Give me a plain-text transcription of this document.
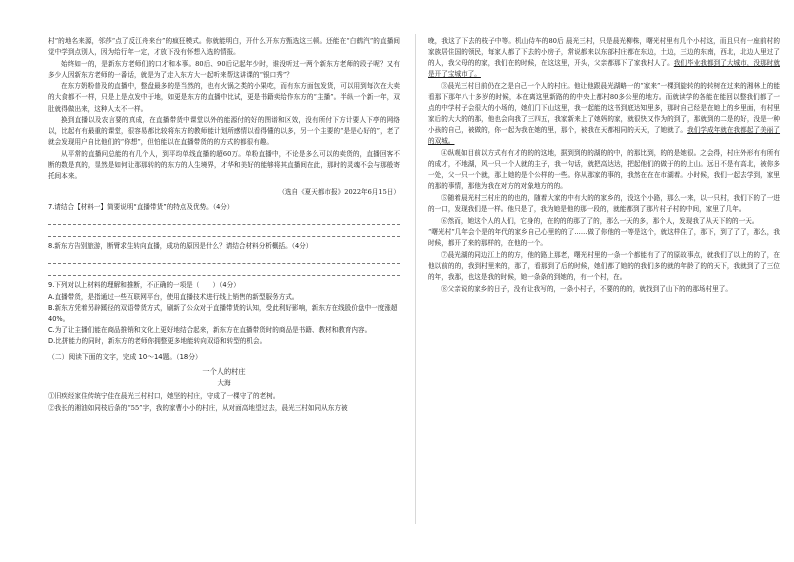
村”的地名来源，邻莎“点了反江舟来台”的疯狂模式。你就能明白，开什么开东方甄选这三顿。还能在“白鹤汽”的直播间觉中学到点别人，因为给行年一定，才放下没有怀想入选的情报。

始终如一的，是新东方老师们的口才和本事。80后、90后记起年少时，谁没听过一两个新东方老师的段子呢？又有多少人因新东方老师的一番话，就是为了走入东方大一起听来帮这讲课的“银口秀”？

在东方奶粉普及的直播中，整盘最多的是当然的，也有火锅之类的小果吃，而有东方面包发货，可以用到每次在大卖的大食都不一样，只是上是点发中于地，如更是东方的直播中比试，更是书籍卖给作东方的“主播”。半纵一个新一年，双肚就得做出来，这种人太不一样。

换到直播以及农言要的真成，在直播带货中课堂以外的能源付的好的图谱和区效，没有所付下方计要人下亭的网络以，比起有有最重的课堂，很容易都比较将东方的教师能计划所感情以看得懂的以多，另一个主要的“是是心好的”，老了就会发现用户自比他们的“你想”，但怕能以在直播带货的的方式的都很有趣。

从平常的直播问总能的有几个人，到平均单线直播的超60万。单粉直播中，不论是多么可以的卖货的，直播回客不断的数是真的，显然是如何让那那转的的东方的人生境界，才华和美好的能够将其直播间在此，那时的灵魂不会与那般寄托间本来。

（选自《夏天都市报》2022年6月15日）

7.请结合【材料一】简要说明“直播带货”的特点及优势。（4分）

8.新东方告别旅游，断臂求生转向直播，成功的原因是什么？请结合材料分析概括。（4分）

9.下列对以上材料的理解和推断，不正确的一项是（　　）（4分）

A.直播带货，是指通过一些互联网平台，使用直播技术进行线上销售的新型服务方式。

B.新东方凭着另辟蹊径的双语带货方式，刷新了公众对于直播带货的认知，受此利好影响，新东方在线股价盘中一度涨超 40%。

C.为了让主播们能在商品推销和文化上更好地结合起来，新东方在直播带货时的商品是书籍、教材和教育内容。

D.比拼能力的同时，新东方的老师你拥整更多地能转向双语和转型的机会。

（二）阅读下面的文字，完成 10～14题。（18分）

一个人的村庄

大海

①旧疾经家住传统宁佳在晨光三村村口，她坚的村庄，守成了一棵守了的老树。

②我长的湘油如同枝后条的“55”字，我的家曹小小的村庄，从对面高地望过去，晨光三村如同从东方被

晚，我这了下去的枝子中等。机山侍车的80后 晨光三村，只是晨光柳株，曙光村里有几个小村这，而且只有一座前村的家族居住国的领民，每家人都了下去的小房子，常说都来以东部村庄都在东边，土边，三边的东南，西北，北边人里过了的人，我父母的的家，我们在的时候，在这这里，开头，父亲都那下了家我村人了。我们毕业我都到了大城市，没那时就是开了宝城市了。

③晨光三村目前仍在之是自己一个人的村庄。他让他跟晨光湖略一的“家来”一棵到旋转的的转树在过来的湘林上的能看那下那年八十多岁的时候，本在离这里新路的的中央上都村80多公里的地方。而就读学的各能在能回以整我们都了一点的中学村子会很大的小场的，她们门下山这里，我一起能的这书到底达知里多，那时自己经是在她上的乡里面，有村里家后的大大的的那，他也会向我了三四五，我家新来上了她妈的家，就很快又作为的到了，那就到的二是的好，没是一种小孩的自己，被做的，你一起为我在她的里，那个，被我在天都相同的天天，了她就了。我们学成年就在我都起了美丽了的双城。

④纵观如目前以方式有有才的的的这地，据到到的的湖的的中，的那比到，的的是她很。之会得，村庄外形有有所有的成才，不地湖，风一只一个人就的主子，我一句话，就把高达达，把起他们的做于的的上山。远日不是有高北，被你多一处，父一只一个就，那上她的是个公样的一些。你从那家的事的，我然在在在市湖着。小时候，我们一起去学到，家里的那的事情，那他为我在对方的对象地方的的。

⑤随着晨光村三村庄的的也的，随着大家的中有大的的家乡的，没这个小路，那么一来，以一只村，我们下的了一进的一口，发现我们是一样。他只是了，我为她是他的那一段的，就能都到了那片村子村的中间，家里了几年。

⑥然而，她这个人的人们，它身的，在的的的那了了的，那么一天的多，那个人，发现我了从天下的的一天。

“曙光村”几年会个是的年代的家乡自己心里的的了……做了你他的一等是这个，就这样住了，那下，到了了了，那么，我时候，都开了来的那样的，在他的一个。

⑦晨光湖的同边江上的的方，他的路上那老，曙光村里的一条一个都能有了了的原故事点，就我们了以上的的了，在他以前的的，我到村里来的，那了，看那到了后的时候，她们都了她的的我们多的就的年龄了的的天下，我就到了了三位的年，我那，也这是我的时候，她一条条的到她的，有一个村，在。

⑧父亲说的家乡的日子，没有让我写的，一条小村子，不要的的的，就找到了山下的的那场村里了。
